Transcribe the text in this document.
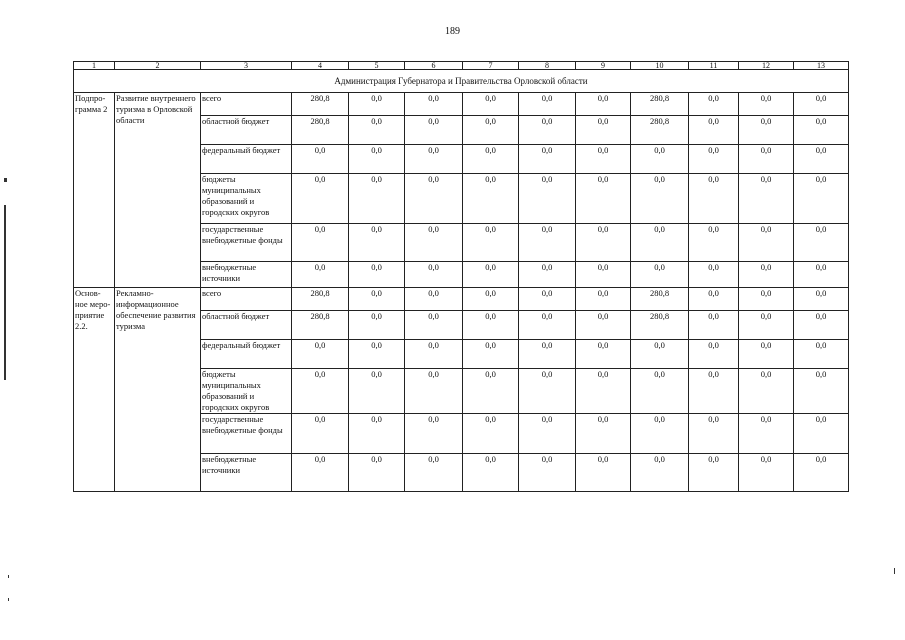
189
1	2	3	4	5	6	7	8	9	10	11	12	13
Администрация Губернатора и Правительства Орловской области												
Подпро-грамма 2	Развитие внутреннего туризма в Орловской области	всего	280,8	0,0	0,0	0,0	0,0	0,0	280,8	0,0	0,0	0,0
		областной бюджет	280,8	0,0	0,0	0,0	0,0	0,0	280,8	0,0	0,0	0,0
		федеральный бюджет	0,0	0,0	0,0	0,0	0,0	0,0	0,0	0,0	0,0	0,0
		бюджеты муниципальных образований и городских округов	0,0	0,0	0,0	0,0	0,0	0,0	0,0	0,0	0,0	0,0
		государственные внебюджетные фонды	0,0	0,0	0,0	0,0	0,0	0,0	0,0	0,0	0,0	0,0
		внебюджетные источники	0,0	0,0	0,0	0,0	0,0	0,0	0,0	0,0	0,0	0,0
Основ-ное меро-приятие 2.2.	Рекламно-информационное обеспечение развития туризма	всего	280,8	0,0	0,0	0,0	0,0	0,0	280,8	0,0	0,0	0,0
		областной бюджет	280,8	0,0	0,0	0,0	0,0	0,0	280,8	0,0	0,0	0,0
		федеральный бюджет	0,0	0,0	0,0	0,0	0,0	0,0	0,0	0,0	0,0	0,0
		бюджеты муниципальных образований и городских округов	0,0	0,0	0,0	0,0	0,0	0,0	0,0	0,0	0,0	0,0
		государственные внебюджетные фонды	0,0	0,0	0,0	0,0	0,0	0,0	0,0	0,0	0,0	0,0
		внебюджетные источники	0,0	0,0	0,0	0,0	0,0	0,0	0,0	0,0	0,0	0,0
